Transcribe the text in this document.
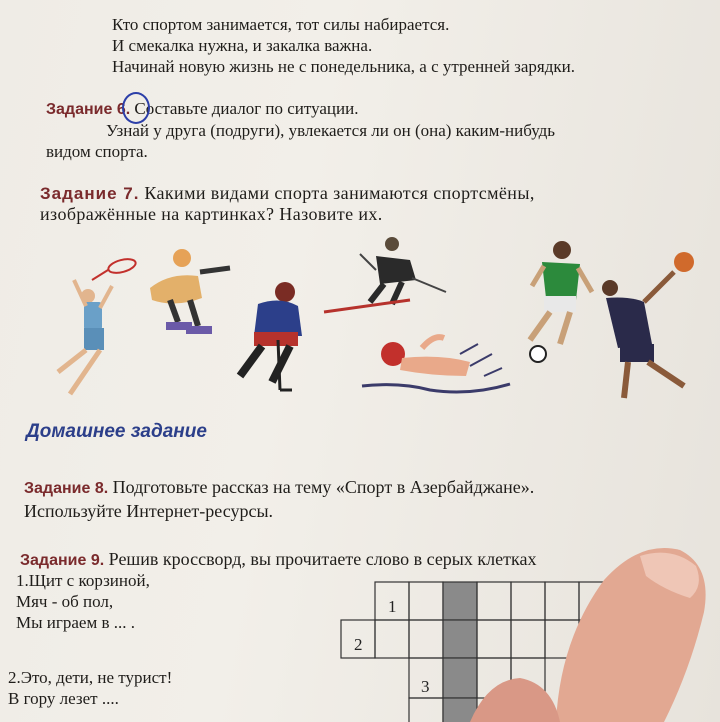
Кто спортом занимается, тот силы набирается.
И смекалка нужна, и закалка важна.
Начинай новую жизнь не с понедельника, а с утренней зарядки.
Задание 6. Составьте диалог по ситуации.
Узнай у друга (подруги), увлекается ли он (она) каким-нибудь
видом спорта.
Задание 7. Какими видами спорта занимаются спортсмёны,
изображённые на картинках? Назовите их.
Домашнее задание
Задание 8. Подготовьте рассказ на тему «Спорт в Азербайджане».
Используйте Интернет-ресурсы.
Задание 9. Решив кроссворд, вы прочитаете слово в серых клетках
1.Щит с корзиной,
Мяч - об пол,
Мы играем в ... .
2.Это, дети, не турист!
В гору лезет ....
1
2
3
